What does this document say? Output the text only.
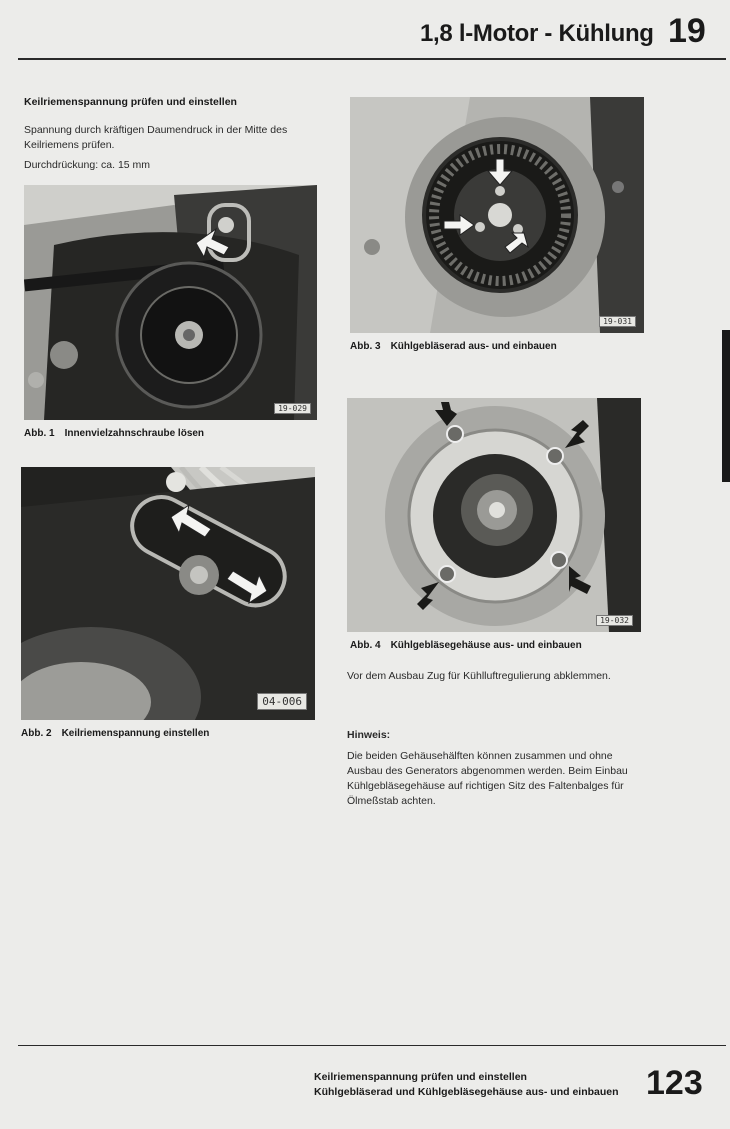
1,8 l-Motor - Kühlung 19
Keilriemenspannung prüfen und einstellen
Spannung durch kräftigen Daumendruck in der Mitte des Keilriemens prüfen.
Durchdrückung: ca. 15 mm
19-029
Abb. 1 Innenvielzahnschraube lösen
04-006
Abb. 2 Keilriemenspannung einstellen
19-031
Abb. 3 Kühlgebläserad aus- und einbauen
19-032
Abb. 4 Kühlgebläsegehäuse aus- und einbauen
Vor dem Ausbau Zug für Kühlluftregulierung abklemmen.
Hinweis:
Die beiden Gehäusehälften können zusammen und ohne Ausbau des Generators abgenommen werden. Beim Einbau Kühlgebläsegehäuse auf richtigen Sitz des Faltenbalges für Ölmeßstab achten.
Keilriemenspannung prüfen und einstellen
Kühlgebläserad und Kühlgebläsegehäuse aus- und einbauen 123
